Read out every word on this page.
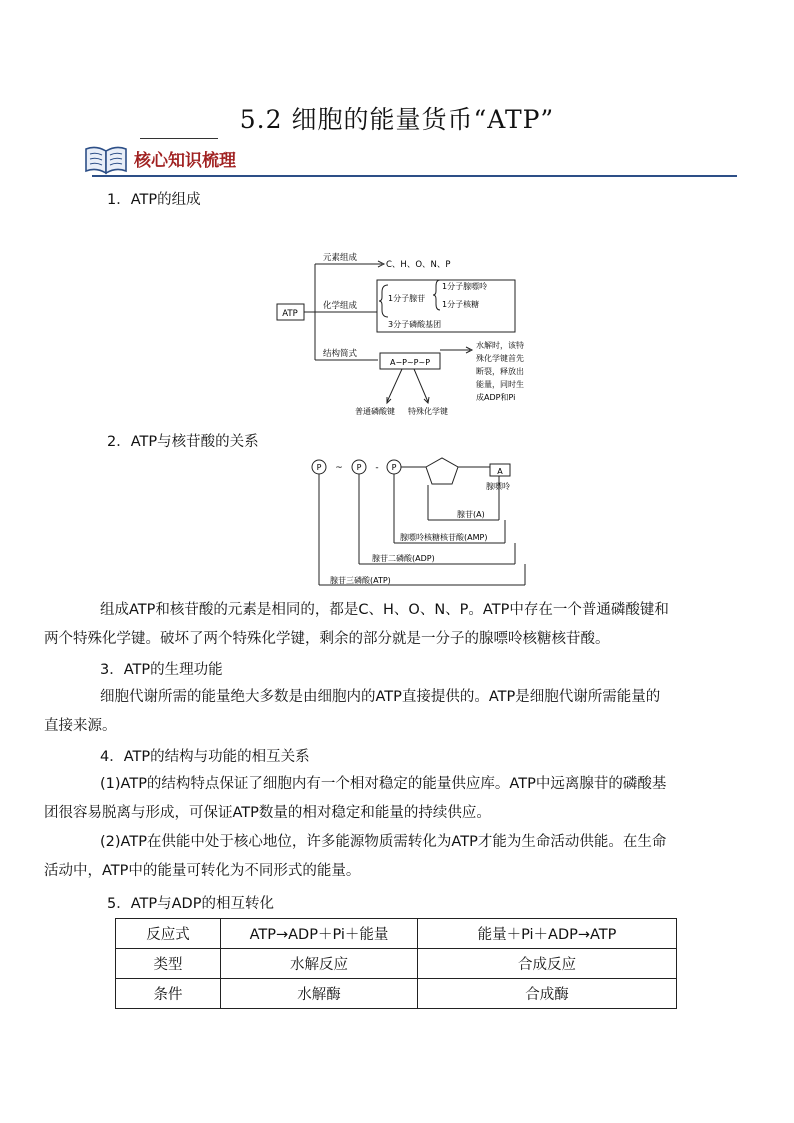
5.2 细胞的能量货币“ATP”
核心知识梳理
1．ATP的组成
ATP
元素组成
C、H、O、N、P
化学组成
1分子腺苷
1分子腺嘌呤
1分子核糖
3分子磷酸基团
结构简式
A−P~P~P
水解时，该特
殊化学键首先
断裂，释放出
能量，同时生
成ADP和Pi
普通磷酸键 特殊化学键
2．ATP与核苷酸的关系
P	P	P
~	-	A
腺嘌呤
腺苷(A)
腺嘌呤核糖核苷酸(AMP)
腺苷二磷酸(ADP)
腺苷三磷酸(ATP)
组成ATP和核苷酸的元素是相同的，都是C、H、O、N、P。ATP中存在一个普通磷酸键和
两个特殊化学键。破坏了两个特殊化学键，剩余的部分就是一分子的腺嘌呤核糖核苷酸。
3．ATP的生理功能
细胞代谢所需的能量绝大多数是由细胞内的ATP直接提供的。ATP是细胞代谢所需能量的
直接来源。
4．ATP的结构与功能的相互关系
(1)ATP的结构特点保证了细胞内有一个相对稳定的能量供应库。ATP中远离腺苷的磷酸基
团很容易脱离与形成，可保证ATP数量的相对稳定和能量的持续供应。
(2)ATP在供能中处于核心地位，许多能源物质需转化为ATP才能为生命活动供能。在生命
活动中，ATP中的能量可转化为不同形式的能量。
5．ATP与ADP的相互转化
反应式	ATP→ADP＋Pi＋能量	能量＋Pi＋ADP→ATP
类型	水解反应	合成反应
条件	水解酶	合成酶
